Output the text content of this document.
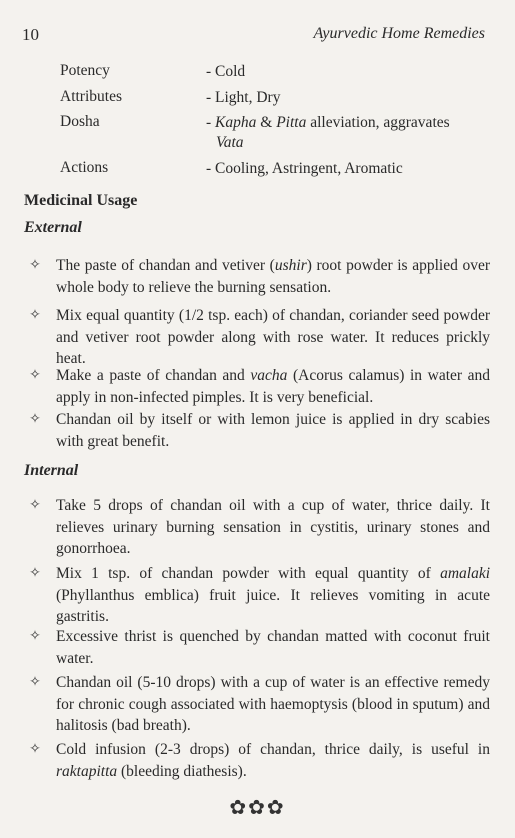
10	Ayurvedic Home Remedies
Potency	- Cold
Attributes	- Light, Dry
Dosha	- Kapha & Pitta alleviation, aggravates
Vata
Actions	- Cooling, Astringent, Aromatic
Medicinal Usage
External
✧ The paste of chandan and vetiver (ushir) root powder is applied over whole body to relieve the burning sensation.
✧ Mix equal quantity (1/2 tsp. each) of chandan, coriander seed powder and vetiver root powder along with rose water. It reduces prickly heat.
✧ Make a paste of chandan and vacha (Acorus calamus) in water and apply in non-infected pimples. It is very beneficial.
✧ Chandan oil by itself or with lemon juice is applied in dry scabies with great benefit.
Internal
✧ Take 5 drops of chandan oil with a cup of water, thrice daily. It relieves urinary burning sensation in cystitis, urinary stones and gonorrhoea.
✧ Mix 1 tsp. of chandan powder with equal quantity of amalaki (Phyllanthus emblica) fruit juice. It relieves vomiting in acute gastritis.
✧ Excessive thrist is quenched by chandan matted with coconut fruit water.
✧ Chandan oil (5-10 drops) with a cup of water is an effective remedy for chronic cough associated with haemoptysis (blood in sputum) and halitosis (bad breath).
✧ Cold infusion (2-3 drops) of chandan, thrice daily, is useful in raktapitta (bleeding diathesis).
✿✿✿
